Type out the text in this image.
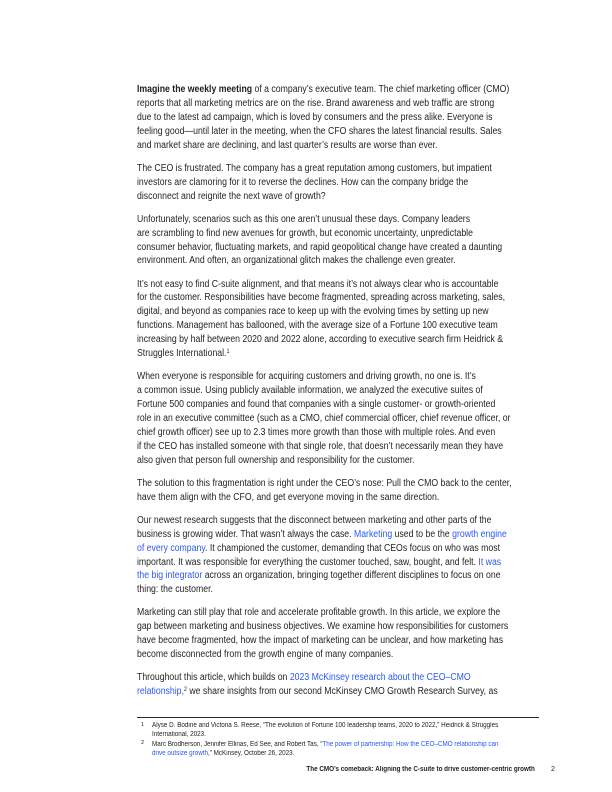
Imagine the weekly meeting of a company’s executive team. The chief marketing officer (CMO)
reports that all marketing metrics are on the rise. Brand awareness and web traffic are strong
due to the latest ad campaign, which is loved by consumers and the press alike. Everyone is
feeling good—until later in the meeting, when the CFO shares the latest financial results. Sales
and market share are declining, and last quarter’s results are worse than ever.
The CEO is frustrated. The company has a great reputation among customers, but impatient
investors are clamoring for it to reverse the declines. How can the company bridge the
disconnect and reignite the next wave of growth?
Unfortunately, scenarios such as this one aren’t unusual these days. Company leaders
are scrambling to find new avenues for growth, but economic uncertainty, unpredictable
consumer behavior, fluctuating markets, and rapid geopolitical change have created a daunting
environment. And often, an organizational glitch makes the challenge even greater.
It’s not easy to find C-suite alignment, and that means it’s not always clear who is accountable
for the customer. Responsibilities have become fragmented, spreading across marketing, sales,
digital, and beyond as companies race to keep up with the evolving times by setting up new
functions. Management has ballooned, with the average size of a Fortune 100 executive team
increasing by half between 2020 and 2022 alone, according to executive search firm Heidrick &
Struggles International.$^1$
When everyone is responsible for acquiring customers and driving growth, no one is. It’s
a common issue. Using publicly available information, we analyzed the executive suites of
Fortune 500 companies and found that companies with a single customer- or growth-oriented
role in an executive committee (such as a CMO, chief commercial officer, chief revenue officer, or
chief growth officer) see up to 2.3 times more growth than those with multiple roles. And even
if the CEO has installed someone with that single role, that doesn’t necessarily mean they have
also given that person full ownership and responsibility for the customer.
The solution to this fragmentation is right under the CEO’s nose: Pull the CMO back to the center,
have them align with the CFO, and get everyone moving in the same direction.
Our newest research suggests that the disconnect between marketing and other parts of the
business is growing wider. That wasn’t always the case. Marketing used to be the growth engine
of every company. It championed the customer, demanding that CEOs focus on who was most
important. It was responsible for everything the customer touched, saw, bought, and felt. It was
the big integrator across an organization, bringing together different disciplines to focus on one
thing: the customer.
Marketing can still play that role and accelerate profitable growth. In this article, we explore the
gap between marketing and business objectives. We examine how responsibilities for customers
have become fragmented, how the impact of marketing can be unclear, and how marketing has
become disconnected from the growth engine of many companies.
Throughout this article, which builds on 2023 McKinsey research about the CEO–CMO
relationship,$^2$ we share insights from our second McKinsey CMO Growth Research Survey, as
1 Alyse D. Bodine and Victoria S. Reese, “The evolution of Fortune 100 leadership teams, 2020 to 2022,” Heidrick & Struggles
International, 2023.
2 Marc Brodherson, Jennifer Ellinas, Ed See, and Robert Tas, “The power of partnership: How the CEO–CMO relationship can
drive outsize growth,” McKinsey, October 26, 2023.
The CMO’s comeback: Aligning the C-suite to drive customer-centric growth 2
